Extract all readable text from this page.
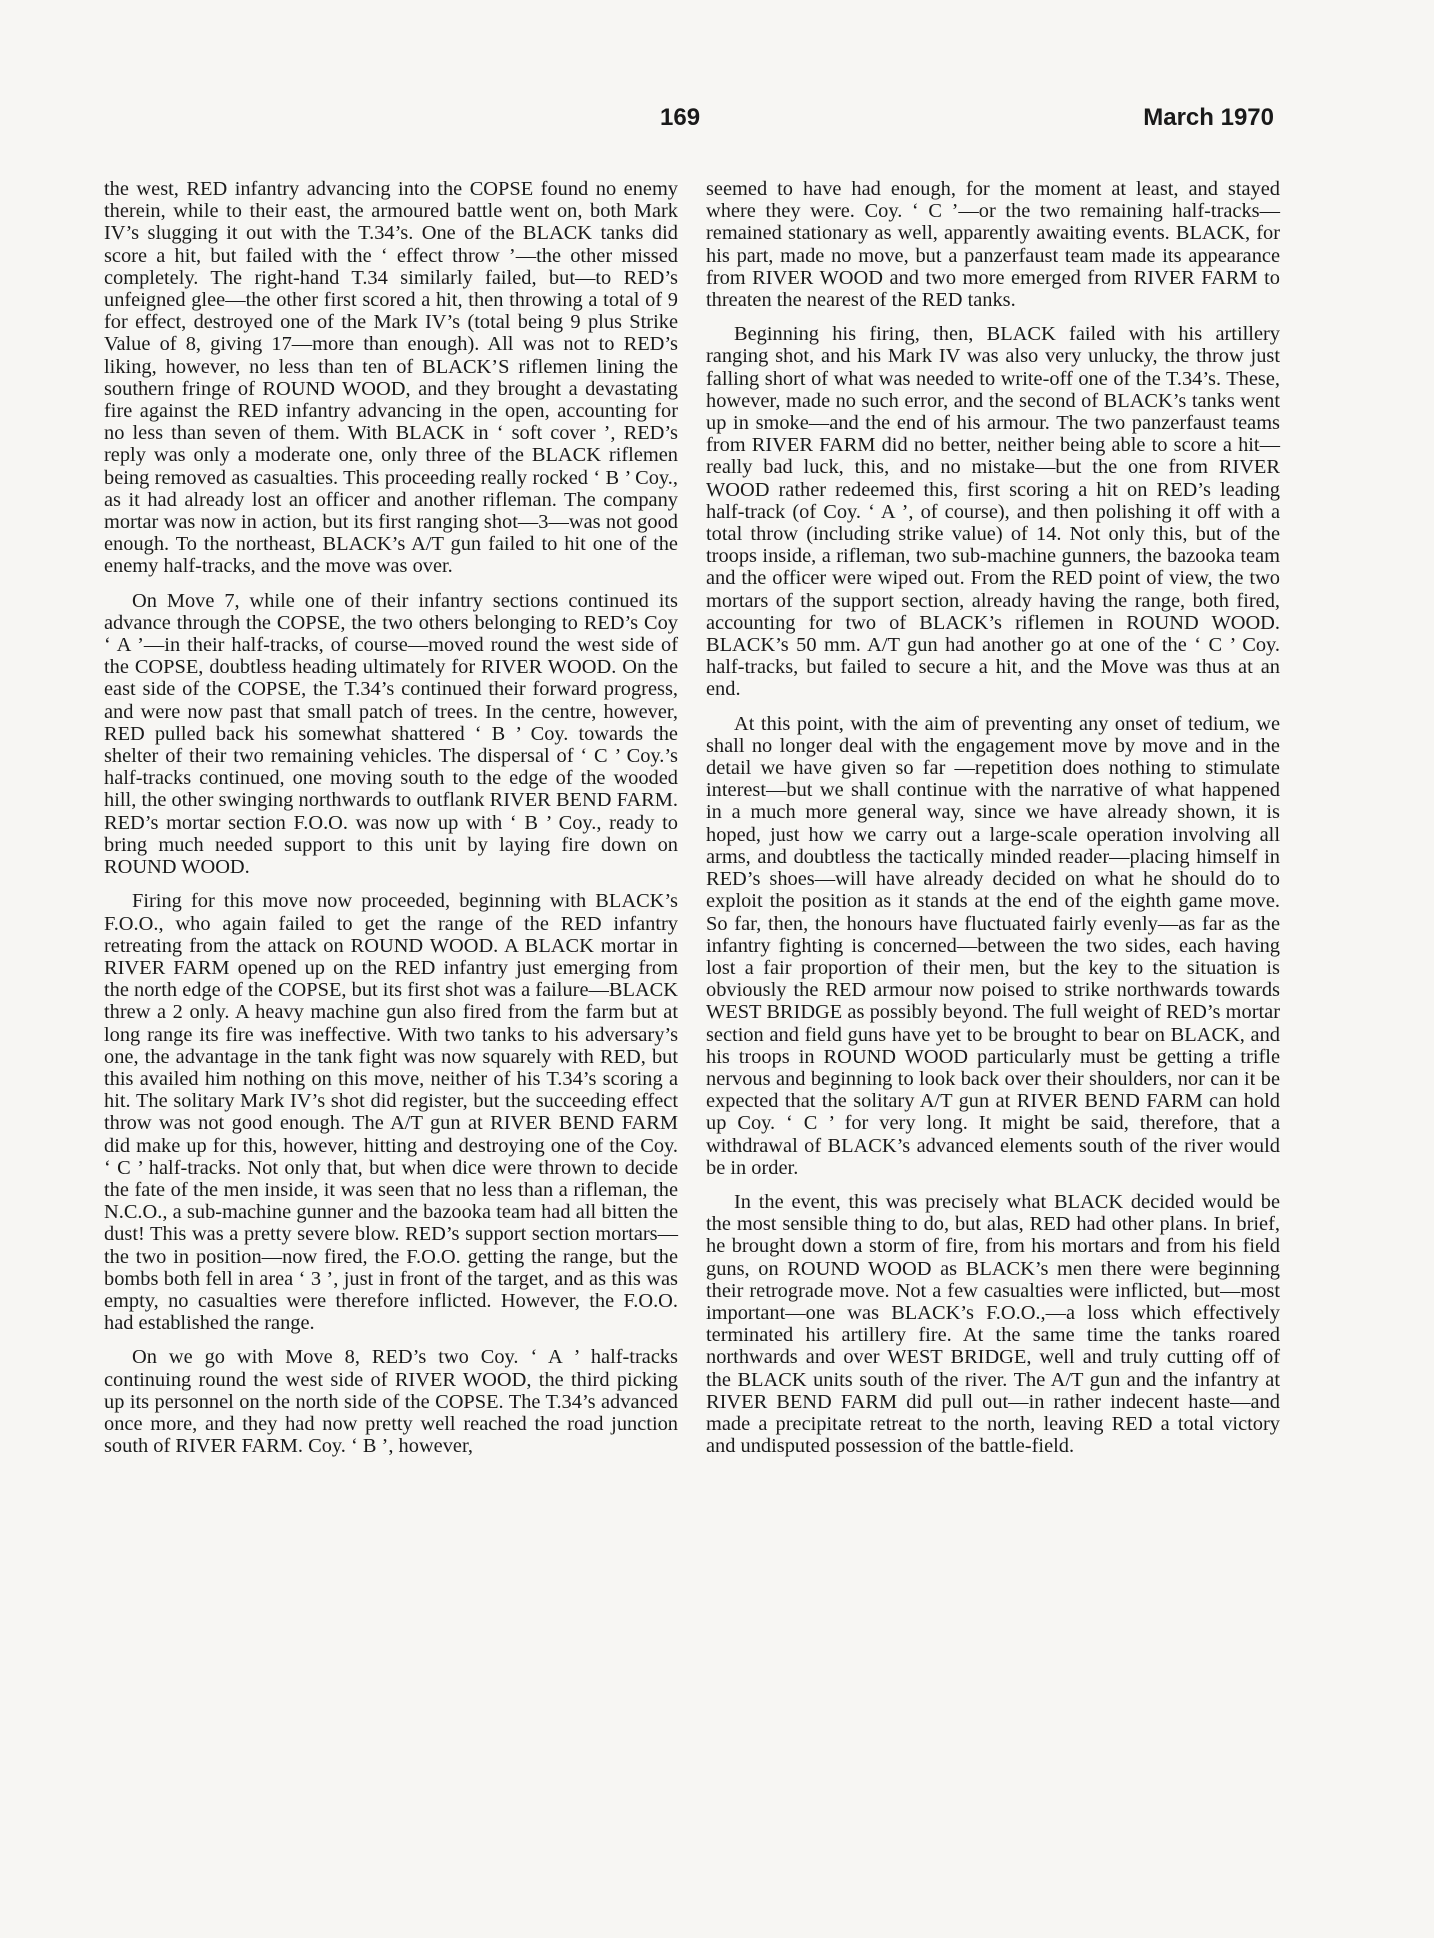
169	March 1970

the west, RED infantry advancing into the COPSE found no enemy therein, while to their east, the armoured battle went on, both Mark IV’s slugging it out with the T.34’s. One of the BLACK tanks did score a hit, but failed with the ‘ effect throw ’—the other missed completely. The right-hand T.34 similarly failed, but—to RED’s unfeigned glee—the other first scored a hit, then throwing a total of 9 for effect, destroyed one of the Mark IV’s (total being 9 plus Strike Value of 8, giving 17—more than enough). All was not to RED’s liking, however, no less than ten of BLACK’S riflemen lining the southern fringe of ROUND WOOD, and they brought a devastating fire against the RED infantry advancing in the open, accounting for no less than seven of them. With BLACK in ‘ soft cover ’, RED’s reply was only a moderate one, only three of the BLACK riflemen being removed as casualties. This proceeding really rocked ‘ B ’ Coy., as it had already lost an officer and another rifleman. The company mortar was now in action, but its first ranging shot—3—was not good enough. To the northeast, BLACK’s A/T gun failed to hit one of the enemy half-tracks, and the move was over.

On Move 7, while one of their infantry sections continued its advance through the COPSE, the two others belonging to RED’s Coy ‘ A ’—in their half-tracks, of course—moved round the west side of the COPSE, doubtless heading ultimately for RIVER WOOD. On the east side of the COPSE, the T.34’s continued their forward progress, and were now past that small patch of trees. In the centre, however, RED pulled back his somewhat shattered ‘ B ’ Coy. towards the shelter of their two remaining vehicles. The dispersal of ‘ C ’ Coy.’s half-tracks continued, one moving south to the edge of the wooded hill, the other swinging northwards to outflank RIVER BEND FARM. RED’s mortar section F.O.O. was now up with ‘ B ’ Coy., ready to bring much needed support to this unit by laying fire down on ROUND WOOD.

Firing for this move now proceeded, beginning with BLACK’s F.O.O., who again failed to get the range of the RED infantry retreating from the attack on ROUND WOOD. A BLACK mortar in RIVER FARM opened up on the RED infantry just emerging from the north edge of the COPSE, but its first shot was a failure—BLACK threw a 2 only. A heavy machine gun also fired from the farm but at long range its fire was ineffective. With two tanks to his adversary’s one, the advantage in the tank fight was now squarely with RED, but this availed him nothing on this move, neither of his T.34’s scoring a hit. The solitary Mark IV’s shot did register, but the succeeding effect throw was not good enough. The A/T gun at RIVER BEND FARM did make up for this, however, hitting and destroying one of the Coy. ‘ C ’ half-tracks. Not only that, but when dice were thrown to decide the fate of the men inside, it was seen that no less than a rifleman, the N.C.O., a sub-machine gunner and the bazooka team had all bitten the dust! This was a pretty severe blow. RED’s support section mortars—the two in position—now fired, the F.O.O. getting the range, but the bombs both fell in area ‘ 3 ’, just in front of the target, and as this was empty, no casualties were therefore inflicted. However, the F.O.O. had established the range.

On we go with Move 8, RED’s two Coy. ‘ A ’ half-tracks continuing round the west side of RIVER WOOD, the third picking up its personnel on the north side of the COPSE. The T.34’s advanced once more, and they had now pretty well reached the road junction south of RIVER FARM. Coy. ‘ B ’, however,

seemed to have had enough, for the moment at least, and stayed where they were. Coy. ‘ C ’—or the two remaining half-tracks—remained stationary as well, apparently awaiting events. BLACK, for his part, made no move, but a panzerfaust team made its appearance from RIVER WOOD and two more emerged from RIVER FARM to threaten the nearest of the RED tanks.

Beginning his firing, then, BLACK failed with his artillery ranging shot, and his Mark IV was also very unlucky, the throw just falling short of what was needed to write-off one of the T.34’s. These, however, made no such error, and the second of BLACK’s tanks went up in smoke—and the end of his armour. The two panzerfaust teams from RIVER FARM did no better, neither being able to score a hit—really bad luck, this, and no mistake—but the one from RIVER WOOD rather redeemed this, first scoring a hit on RED’s leading half-track (of Coy. ‘ A ’, of course), and then polishing it off with a total throw (including strike value) of 14. Not only this, but of the troops inside, a rifleman, two sub-machine gunners, the bazooka team and the officer were wiped out. From the RED point of view, the two mortars of the support section, already having the range, both fired, accounting for two of BLACK’s riflemen in ROUND WOOD. BLACK’s 50 mm. A/T gun had another go at one of the ‘ C ’ Coy. half-tracks, but failed to secure a hit, and the Move was thus at an end.

At this point, with the aim of preventing any onset of tedium, we shall no longer deal with the engagement move by move and in the detail we have given so far —repetition does nothing to stimulate interest—but we shall continue with the narrative of what happened in a much more general way, since we have already shown, it is hoped, just how we carry out a large-scale operation involving all arms, and doubtless the tactically minded reader—placing himself in RED’s shoes—will have already decided on what he should do to exploit the position as it stands at the end of the eighth game move. So far, then, the honours have fluctuated fairly evenly—as far as the infantry fighting is concerned—between the two sides, each having lost a fair proportion of their men, but the key to the situation is obviously the RED armour now poised to strike northwards towards WEST BRIDGE as possibly beyond. The full weight of RED’s mortar section and field guns have yet to be brought to bear on BLACK, and his troops in ROUND WOOD particularly must be getting a trifle nervous and beginning to look back over their shoulders, nor can it be expected that the solitary A/T gun at RIVER BEND FARM can hold up Coy. ‘ C ’ for very long. It might be said, therefore, that a withdrawal of BLACK’s advanced elements south of the river would be in order.

In the event, this was precisely what BLACK decided would be the most sensible thing to do, but alas, RED had other plans. In brief, he brought down a storm of fire, from his mortars and from his field guns, on ROUND WOOD as BLACK’s men there were beginning their retrograde move. Not a few casualties were inflicted, but—most important—one was BLACK’s F.O.O.,—a loss which effectively terminated his artillery fire. At the same time the tanks roared northwards and over WEST BRIDGE, well and truly cutting off of the BLACK units south of the river. The A/T gun and the infantry at RIVER BEND FARM did pull out—in rather indecent haste—and made a precipitate retreat to the north, leaving RED a total victory and undisputed possession of the battle-field.
